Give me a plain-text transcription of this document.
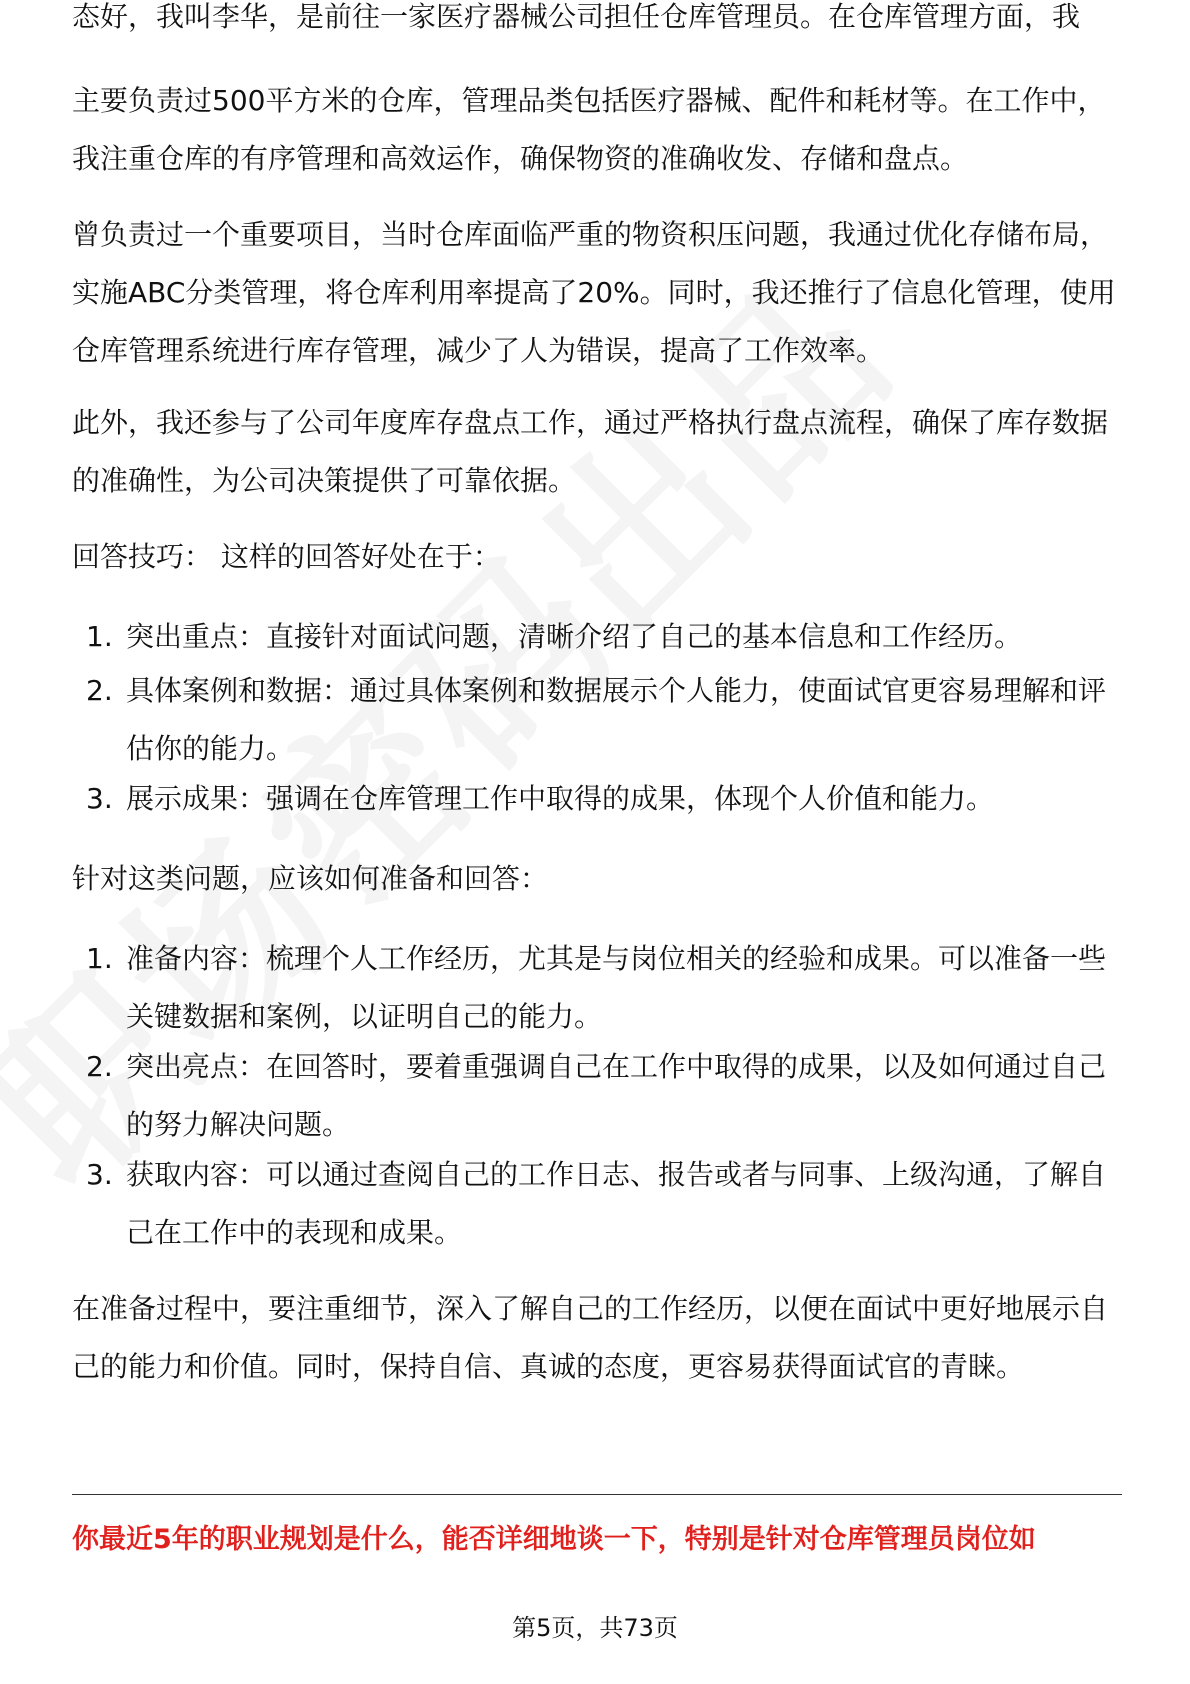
态好，我叫李华，是前往一家医疗器械公司担任仓库管理员。在仓库管理方面，我

主要负责过500平方米的仓库，管理品类包括医疗器械、配件和耗材等。在工作中，我注重仓库的有序管理和高效运作，确保物资的准确收发、存储和盘点。

曾负责过一个重要项目，当时仓库面临严重的物资积压问题，我通过优化存储布局，实施ABC分类管理，将仓库利用率提高了20%。同时，我还推行了信息化管理，使用仓库管理系统进行库存管理，减少了人为错误，提高了工作效率。

此外，我还参与了公司年度库存盘点工作，通过严格执行盘点流程，确保了库存数据的准确性，为公司决策提供了可靠依据。

回答技巧： 这样的回答好处在于：

1. 突出重点：直接针对面试问题，清晰介绍了自己的基本信息和工作经历。
2. 具体案例和数据：通过具体案例和数据展示个人能力，使面试官更容易理解和评估你的能力。
3. 展示成果：强调在仓库管理工作中取得的成果，体现个人价值和能力。

针对这类问题，应该如何准备和回答：

1. 准备内容：梳理个人工作经历，尤其是与岗位相关的经验和成果。可以准备一些关键数据和案例，以证明自己的能力。
2. 突出亮点：在回答时，要着重强调自己在工作中取得的成果，以及如何通过自己的努力解决问题。
3. 获取内容：可以通过查阅自己的工作日志、报告或者与同事、上级沟通，了解自己在工作中的表现和成果。

在准备过程中，要注重细节，深入了解自己的工作经历，以便在面试中更好地展示自己的能力和价值。同时，保持自信、真诚的态度，更容易获得面试官的青睐。

你最近5年的职业规划是什么，能否详细地谈一下，特别是针对仓库管理员岗位如
第5页，共73页
